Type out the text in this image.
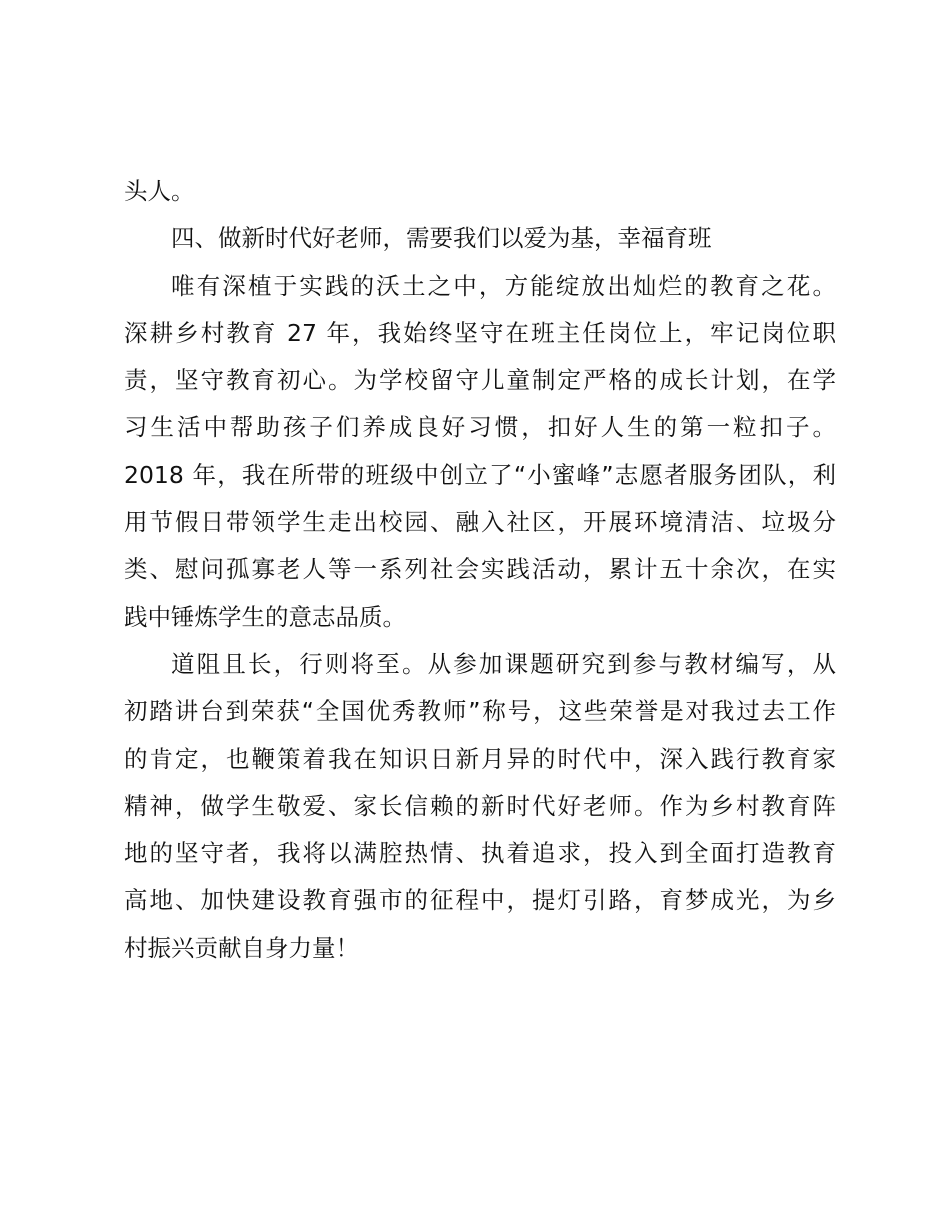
头人。
四、做新时代好老师，需要我们以爱为基，幸福育班
唯有深植于实践的沃土之中，方能绽放出灿烂的教育之花。
深耕乡村教育 27 年，我始终坚守在班主任岗位上，牢记岗位职
责，坚守教育初心。为学校留守儿童制定严格的成长计划，在学
习生活中帮助孩子们养成良好习惯，扣好人生的第一粒扣子。
2018 年，我在所带的班级中创立了“小蜜峰”志愿者服务团队，利
用节假日带领学生走出校园、融入社区，开展环境清洁、垃圾分
类、慰问孤寡老人等一系列社会实践活动，累计五十余次，在实
践中锤炼学生的意志品质。
道阻且长，行则将至。从参加课题研究到参与教材编写，从
初踏讲台到荣获“全国优秀教师”称号，这些荣誉是对我过去工作
的肯定，也鞭策着我在知识日新月异的时代中，深入践行教育家
精神，做学生敬爱、家长信赖的新时代好老师。作为乡村教育阵
地的坚守者，我将以满腔热情、执着追求，投入到全面打造教育
高地、加快建设教育强市的征程中，提灯引路，育梦成光，为乡
村振兴贡献自身力量！
